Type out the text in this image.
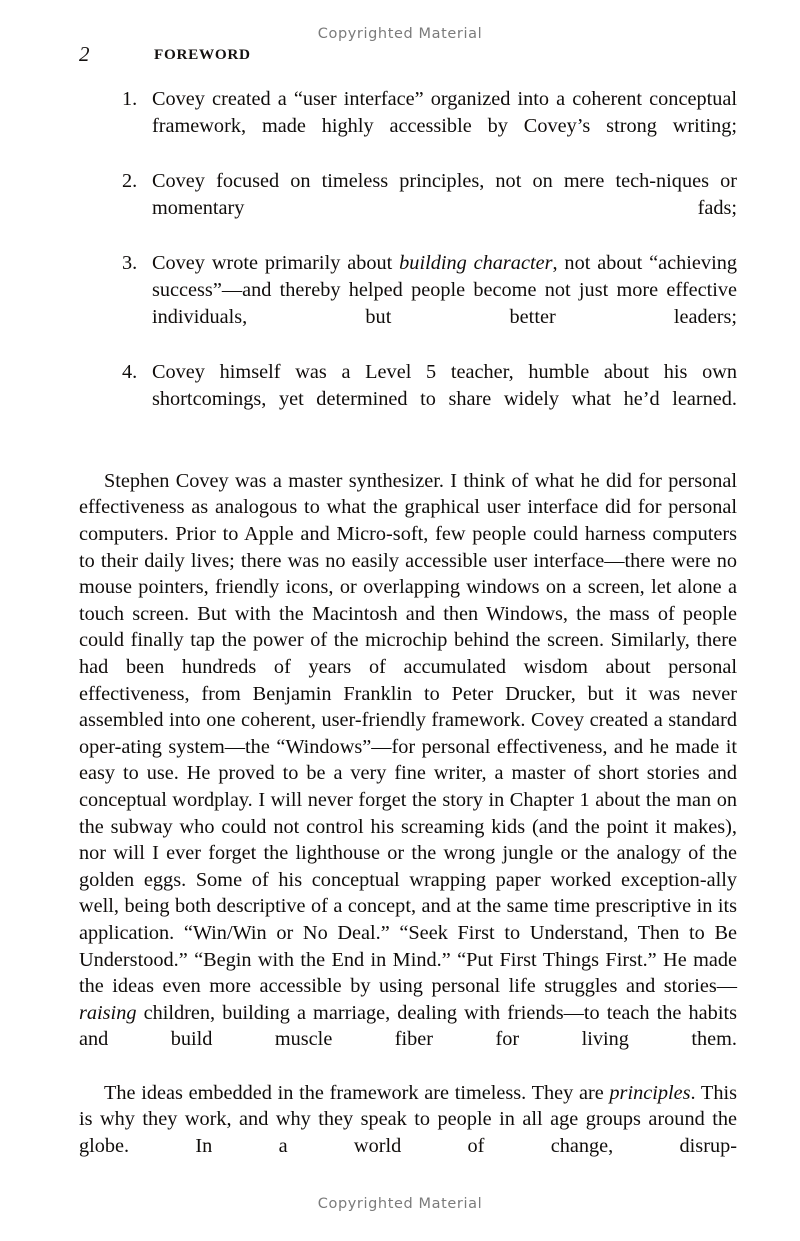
Copyrighted Material
2	FOREWORD
1. Covey created a “user interface” organized into a coherent conceptual framework, made highly accessible by Covey’s strong writing;
2. Covey focused on timeless principles, not on mere tech-niques or momentary fads;
3. Covey wrote primarily about building character, not about “achieving success”—and thereby helped people become not just more effective individuals, but better leaders;
4. Covey himself was a Level 5 teacher, humble about his own shortcomings, yet determined to share widely what he’d learned.

Stephen Covey was a master synthesizer. I think of what he did for personal effectiveness as analogous to what the graphical user interface did for personal computers. Prior to Apple and Micro-soft, few people could harness computers to their daily lives; there was no easily accessible user interface—there were no mouse pointers, friendly icons, or overlapping windows on a screen, let alone a touch screen. But with the Macintosh and then Windows, the mass of people could finally tap the power of the microchip behind the screen. Similarly, there had been hundreds of years of accumulated wisdom about personal effectiveness, from Benjamin Franklin to Peter Drucker, but it was never assembled into one coherent, user-friendly framework. Covey created a standard oper-ating system—the “Windows”—for personal effectiveness, and he made it easy to use. He proved to be a very fine writer, a master of short stories and conceptual wordplay. I will never forget the story in Chapter 1 about the man on the subway who could not control his screaming kids (and the point it makes), nor will I ever forget the lighthouse or the wrong jungle or the analogy of the golden eggs. Some of his conceptual wrapping paper worked exception-ally well, being both descriptive of a concept, and at the same time prescriptive in its application. “Win/Win or No Deal.” “Seek First to Understand, Then to Be Understood.” “Begin with the End in Mind.” “Put First Things First.” He made the ideas even more accessible by using personal life struggles and stories—raising children, building a marriage, dealing with friends—to teach the habits and build muscle fiber for living them.

The ideas embedded in the framework are timeless. They are principles. This is why they work, and why they speak to people in all age groups around the globe. In a world of change, disrup-

Copyrighted Material
